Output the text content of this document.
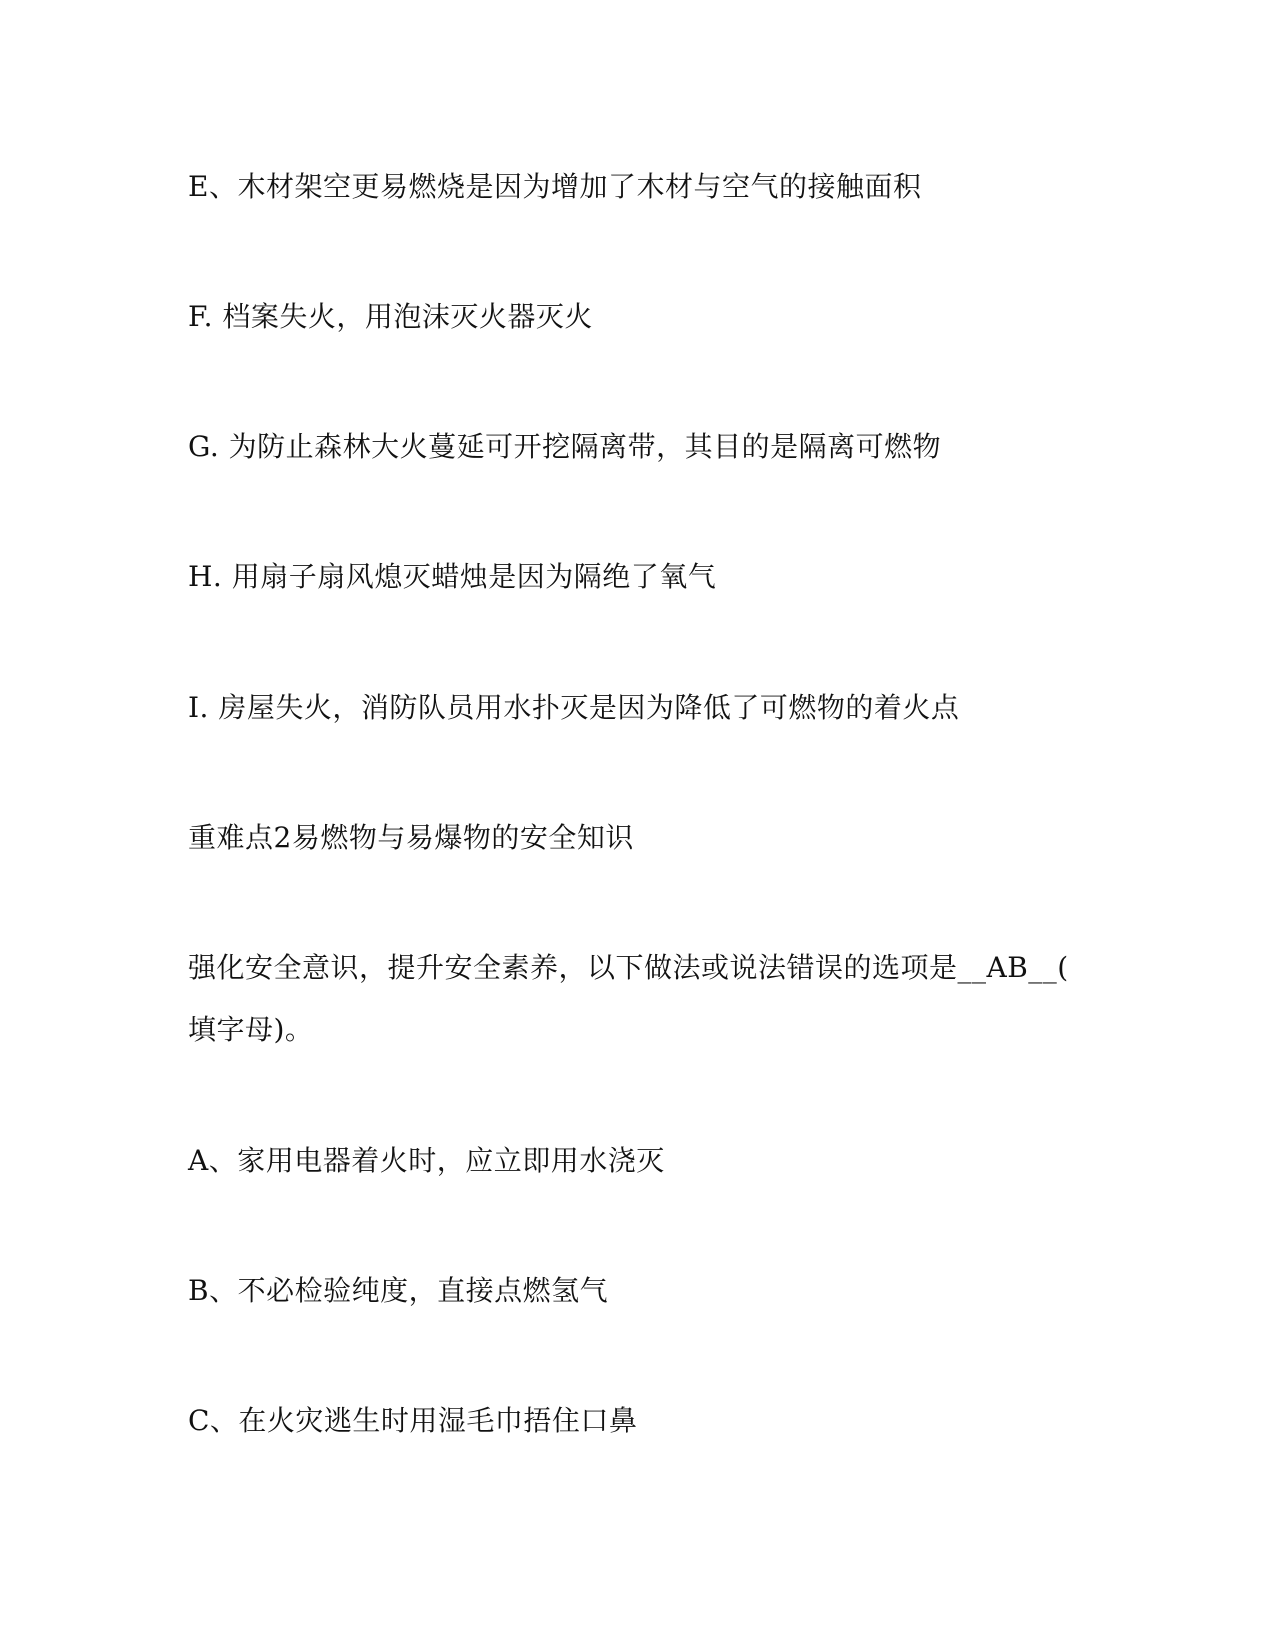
E、木材架空更易燃烧是因为增加了木材与空气的接触面积
F. 档案失火，用泡沫灭火器灭火
G. 为防止森林大火蔓延可开挖隔离带，其目的是隔离可燃物
H. 用扇子扇风熄灭蜡烛是因为隔绝了氧气
I. 房屋失火，消防队员用水扑灭是因为降低了可燃物的着火点
重难点2易燃物与易爆物的安全知识
强化安全意识，提升安全素养，以下做法或说法错误的选项是__AB__(
填字母)。
A、家用电器着火时，应立即用水浇灭
B、不必检验纯度，直接点燃氢气
C、在火灾逃生时用湿毛巾捂住口鼻
